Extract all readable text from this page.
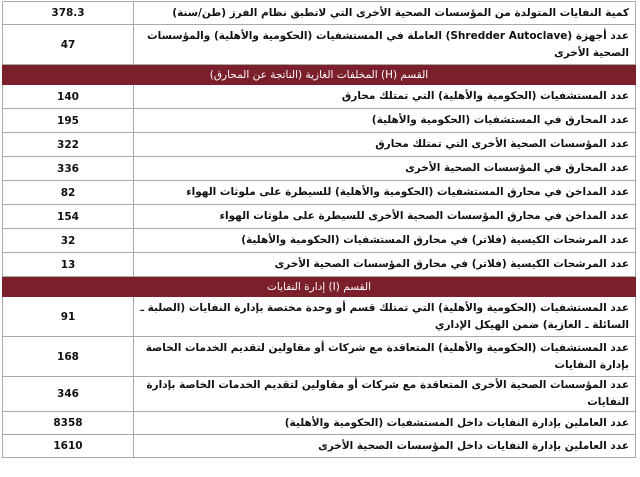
كمية النفايات المتولدة من المؤسسات الصحية الأخرى التي لاتطبق نظام الفرز (طن/سنة)	378.3
عدد أجهزة (Shredder Autoclave) العاملة في المستشفيات (الحكومية والأهلية) والمؤسسات الصحية الأخرى	47
القسم (H) المخلفات الغازية (الناتجة عن المحارق)	
عدد المستشفيات (الحكومية والأهلية) التي تمتلك محارق	140
عدد المحارق في المستشفيات (الحكومية والأهلية)	195
عدد المؤسسات الصحية الأخرى التي تمتلك محارق	322
عدد المحارق في المؤسسات الصحية الأخرى	336
عدد المداخن في محارق المستشفيات (الحكومية والأهلية) للسيطرة على ملوثات الهواء	82
عدد المداخن في محارق المؤسسات الصحية الأخرى للسيطرة على ملوثات الهواء	154
عدد المرشحات الكيسية (فلاتر) في محارق المستشفيات (الحكومية والأهلية)	32
عدد المرشحات الكيسية (فلاتر) في محارق المؤسسات الصحية الأخرى	13
القسم (I) إدارة النفايات	
عدد المستشفيات (الحكومية والأهلية) التي تمتلك قسم أو وحدة مختصة بإدارة النفايات (الصلبة ـ السائلة ـ الغازية) ضمن الهيكل الإداري	91
عدد المستشفيات (الحكومية والأهلية) المتعاقدة مع شركات أو مقاولين لتقديم الخدمات الخاصة بإدارة النفايات	168
عدد المؤسسات الصحية الأخرى المتعاقدة مع شركات أو مقاولين لتقديم الخدمات الخاصة بإدارة النفايات	346
عدد العاملين بإدارة النفايات داخل المستشفيات (الحكومية والأهلية)	8358
عدد العاملين بإدارة النفايات داخل المؤسسات الصحية الأخرى	1610
